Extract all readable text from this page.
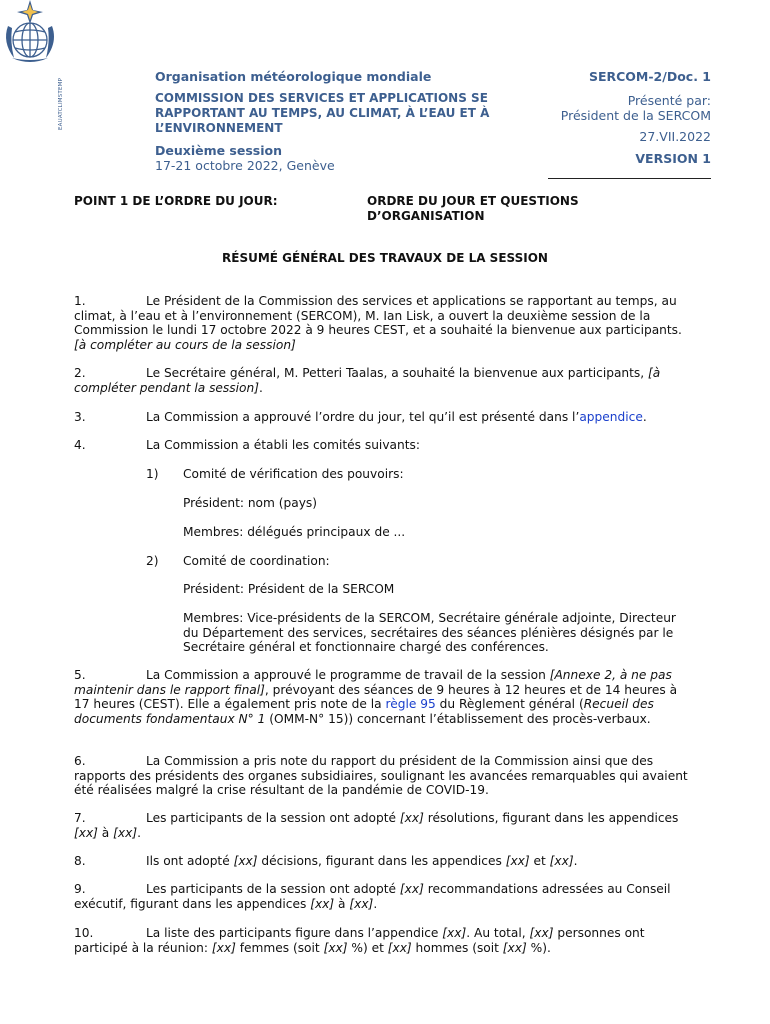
EAUATCLIMSTEMP
Organisation météorologique mondiale
COMMISSION DES SERVICES ET APPLICATIONS SE RAPPORTANT AU TEMPS, AU CLIMAT, À L’EAU ET À L’ENVIRONNEMENT
Deuxième session
17-21 octobre 2022, Genève
SERCOM-2/Doc. 1
Présenté par:
Président de la SERCOM
27.VII.2022
VERSION 1
POINT 1 DE L’ORDRE DU JOUR:	ORDRE DU JOUR ET QUESTIONS D’ORGANISATION
RÉSUMÉ GÉNÉRAL DES TRAVAUX DE LA SESSION
1.	Le Président de la Commission des services et applications se rapportant au temps, au climat, à l’eau et à l’environnement (SERCOM), M. Ian Lisk, a ouvert la deuxième session de la Commission le lundi 17 octobre 2022 à 9 heures CEST, et a souhaité la bienvenue aux participants. [à compléter au cours de la session]
2.	Le Secrétaire général, M. Petteri Taalas, a souhaité la bienvenue aux participants, [à compléter pendant la session].
3.	La Commission a approuvé l’ordre du jour, tel qu’il est présenté dans l’appendice.
4.	La Commission a établi les comités suivants:
1) Comité de vérification des pouvoirs:
Président: nom (pays)
Membres: délégués principaux de ...
2) Comité de coordination:
Président: Président de la SERCOM
Membres: Vice-présidents de la SERCOM, Secrétaire générale adjointe, Directeur du Département des services, secrétaires des séances plénières désignés par le Secrétaire général et fonctionnaire chargé des conférences.
5.	La Commission a approuvé le programme de travail de la session [Annexe 2, à ne pas maintenir dans le rapport final], prévoyant des séances de 9 heures à 12 heures et de 14 heures à 17 heures (CEST). Elle a également pris note de la règle 95 du Règlement général (Recueil des documents fondamentaux N° 1 (OMM-N° 15)) concernant l’établissement des procès-verbaux.
6.	La Commission a pris note du rapport du président de la Commission ainsi que des rapports des présidents des organes subsidiaires, soulignant les avancées remarquables qui avaient été réalisées malgré la crise résultant de la pandémie de COVID-19.
7.	Les participants de la session ont adopté [xx] résolutions, figurant dans les appendices [xx] à [xx].
8.	Ils ont adopté [xx] décisions, figurant dans les appendices [xx] et [xx].
9.	Les participants de la session ont adopté [xx] recommandations adressées au Conseil exécutif, figurant dans les appendices [xx] à [xx].
10.	La liste des participants figure dans l’appendice [xx]. Au total, [xx] personnes ont participé à la réunion: [xx] femmes (soit [xx] %) et [xx] hommes (soit [xx] %).
